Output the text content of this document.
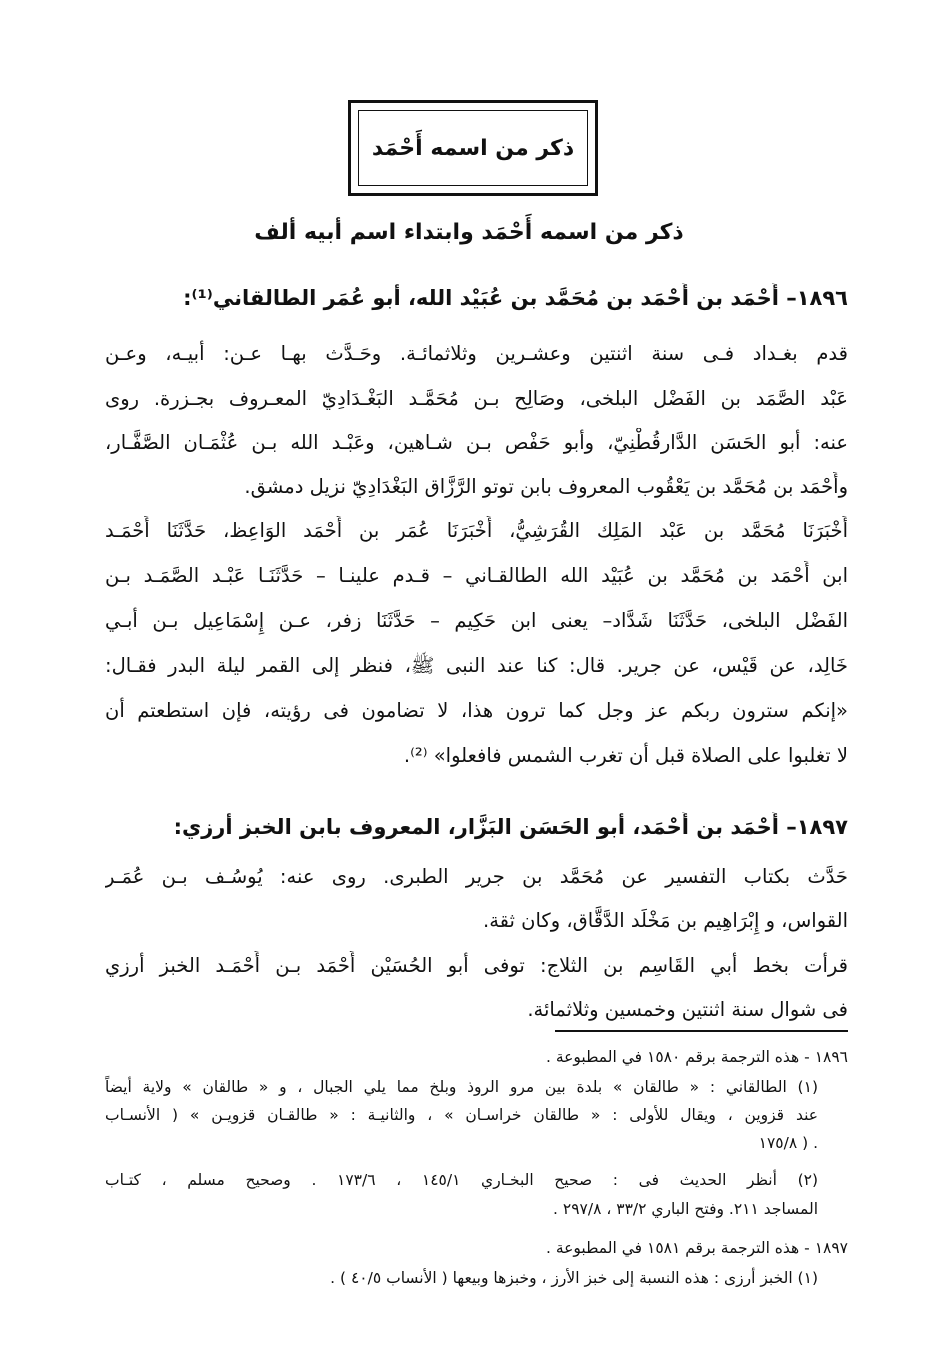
ذكر من اسمه أَحْمَد
ذكر من اسمه أَحْمَد وابتداء اسم أبيه ألف
١٨٩٦– أَحْمَد بن أَحْمَد بن مُحَمَّد بن عُبَيْد الله، أبو عُمَر الطالقاني⁽¹⁾:
قدم بغـداد فـى سنة اثنتين وعشـرين وثلاثمائـة. وحَـدَّث بهـا عـن: أبيـه، وعـن
عَبْد الصَّمَد بن الفَضْل البلخى، وصَالِح بـن مُحَمَّـد البَغْـدَادِيّ المعـروف بجـزرة. روى
عنه: أبو الحَسَن الدَّارقُطْنِيّ، وأبو حَفْص بـن شـاهين، وعَبْـد الله بـن عُثْمَـان الصَّفَّـار،
وأَحْمَد بن مُحَمَّد بن يَعْقُوب المعروف بابن توتو الرَّزَّاق البَغْدَادِيّ نزيل دمشق.
أَخْبَرَنَا مُحَمَّد بن عَبْد المَلِك القُرَشِيُّ، أَخْبَرَنَا عُمَر بن أَحْمَد الوَاعِظ، حَدَّثَنَا أَحْمَـد
ابن أَحْمَد بن مُحَمَّد بن عُبَيْد الله الطالقـاني – قـدم علينـا – حَدَّثَنَـا عَبْـد الصَّمَـد بـن
الفَضْل البلخى، حَدَّثَنَا شَدَّاد– يعنى ابن حَكِيم – حَدَّثَنَا زفر، عـن إِسْمَاعِيل بـن أبـي
خَالِد، عن قَيْس، عن جرير. قال: كنا عند النبى ﷺ، فنظر إلى القمر ليلة البدر فقـال:
«إنكم سترون ربكم عز وجل كما ترون هذا، لا تضامون فى رؤيته، فإن استطعتم أن
لا تغلبوا على الصلاة قبل أن تغرب الشمس فافعلوا» ⁽²⁾.
١٨٩٧– أَحْمَد بن أَحْمَد، أبو الحَسَن البَزَّار، المعروف بابن الخبز أرزي:
حَدَّث بكتاب التفسير عن مُحَمَّد بن جرير الطبرى. روى عنه: يُوسُـف بـن عُمَـر
القواس، و إِبْرَاهِيم بن مَخْلَد الدَّقَّاق، وكان ثقة.
قرأت بخط أبي القَاسِم بن الثلاج: توفى أبو الحُسَيْن أَحْمَد بـن أَحْمَـد الخبز أرزي
فى شوال سنة اثنتين وخمسين وثلاثمائة.
١٨٩٦ - هذه الترجمة برقم ١٥٨٠ في المطبوعة .
(١) الطالقاني : « طالقان » بلدة بين مرو الروذ وبلخ مما يلي الجبال ، و « طالقان » ولاية أيضاً
عند قزوين ، ويقال للأولى : « طالقان خراسـان » ، والثانيـة : « طالقـان قزويـن » ( الأنسـاب
. ( ١٧٥/٨
(٢) أنظر الحديث فى : صحيح البخـاري ١٤٥/١ ، ١٧٣/٦ . وصحيح مسلم ، كتـاب
المساجد ٢١١. وفتح الباري ٣٣/٢ ، ٢٩٧/٨ .
١٨٩٧ - هذه الترجمة برقم ١٥٨١ في المطبوعة .
(١) الخبز أرزى : هذه النسبة إلى خبز الأرز ، وخبزها وبيعها ( الأنساب ٤٠/٥ ) .
